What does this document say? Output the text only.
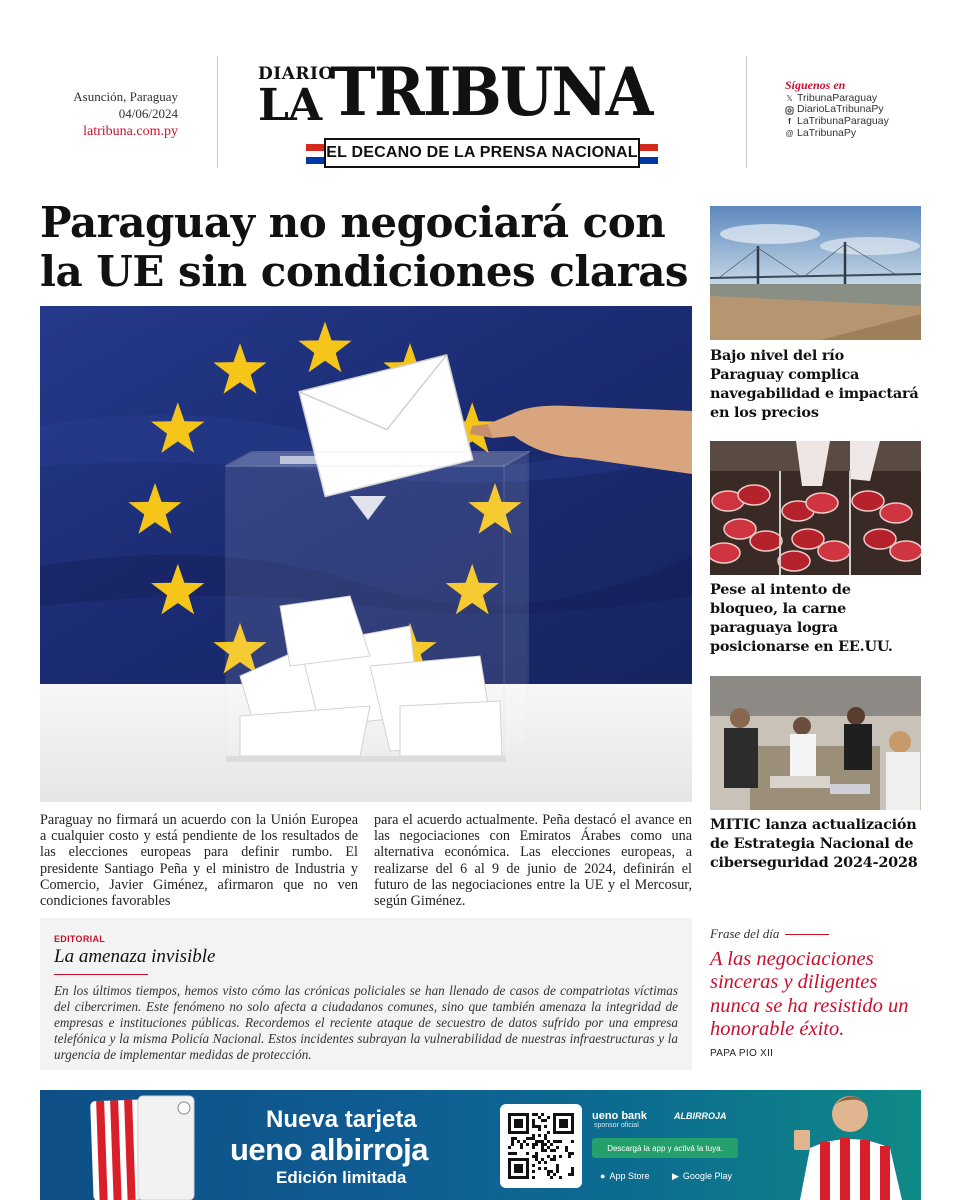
Asunción, Paraguay
04/06/2024
latribuna.com.py
DIARIO
LA TRIBUNA
EL DECANO DE LA PRENSA NACIONAL
Síguenos en
𝕏 TribunaParaguay
DiarioLaTribunaPy
f LaTribunaParaguay
@ LaTribunaPy
Paraguay no negociará con la UE sin condiciones claras

Paraguay no firmará un acuerdo con la Unión Europea a cualquier costo y está pendiente de los resultados de las elecciones europeas para definir rumbo. El presidente Santiago Peña y el ministro de Industria y Comercio, Javier Giménez, afirmaron que no ven condiciones favorables

para el acuerdo actualmente. Peña destacó el avance en las negociaciones con Emiratos Árabes como una alternativa económica. Las elecciones europeas, a realizarse del 6 al 9 de junio de 2024, definirán el futuro de las negociaciones entre la UE y el Mercosur, según Giménez.

EDITORIAL
La amenaza invisible

En los últimos tiempos, hemos visto cómo las crónicas policiales se han llenado de casos de compatriotas víctimas del cibercrimen. Este fenómeno no solo afecta a ciudadanos comunes, sino que también amenaza la integridad de empresas e instituciones públicas. Recordemos el reciente ataque de secuestro de datos sufrido por una empresa telefónica y la misma Policía Nacional. Estos incidentes subrayan la vulnerabilidad de nuestras infraestructuras y la urgencia de implementar medidas de protección.

Bajo nivel del río Paraguay complica navegabilidad e impactará en los precios
Pese al intento de bloqueo, la carne paraguaya logra posicionarse en EE.UU.
MITIC lanza actualización de Estrategia Nacional de ciberseguridad 2024-2028
Frase del día
A las negociaciones sinceras y diligentes nunca se ha resistido un honorable éxito.
PAPA PIO XII
Nueva tarjeta
ueno albirroja
Edición limitada
ueno bank
sponsor oficial
ALBIRROJA
Descargá la app y activá la tuya.
● App Store	▶ Google Play
